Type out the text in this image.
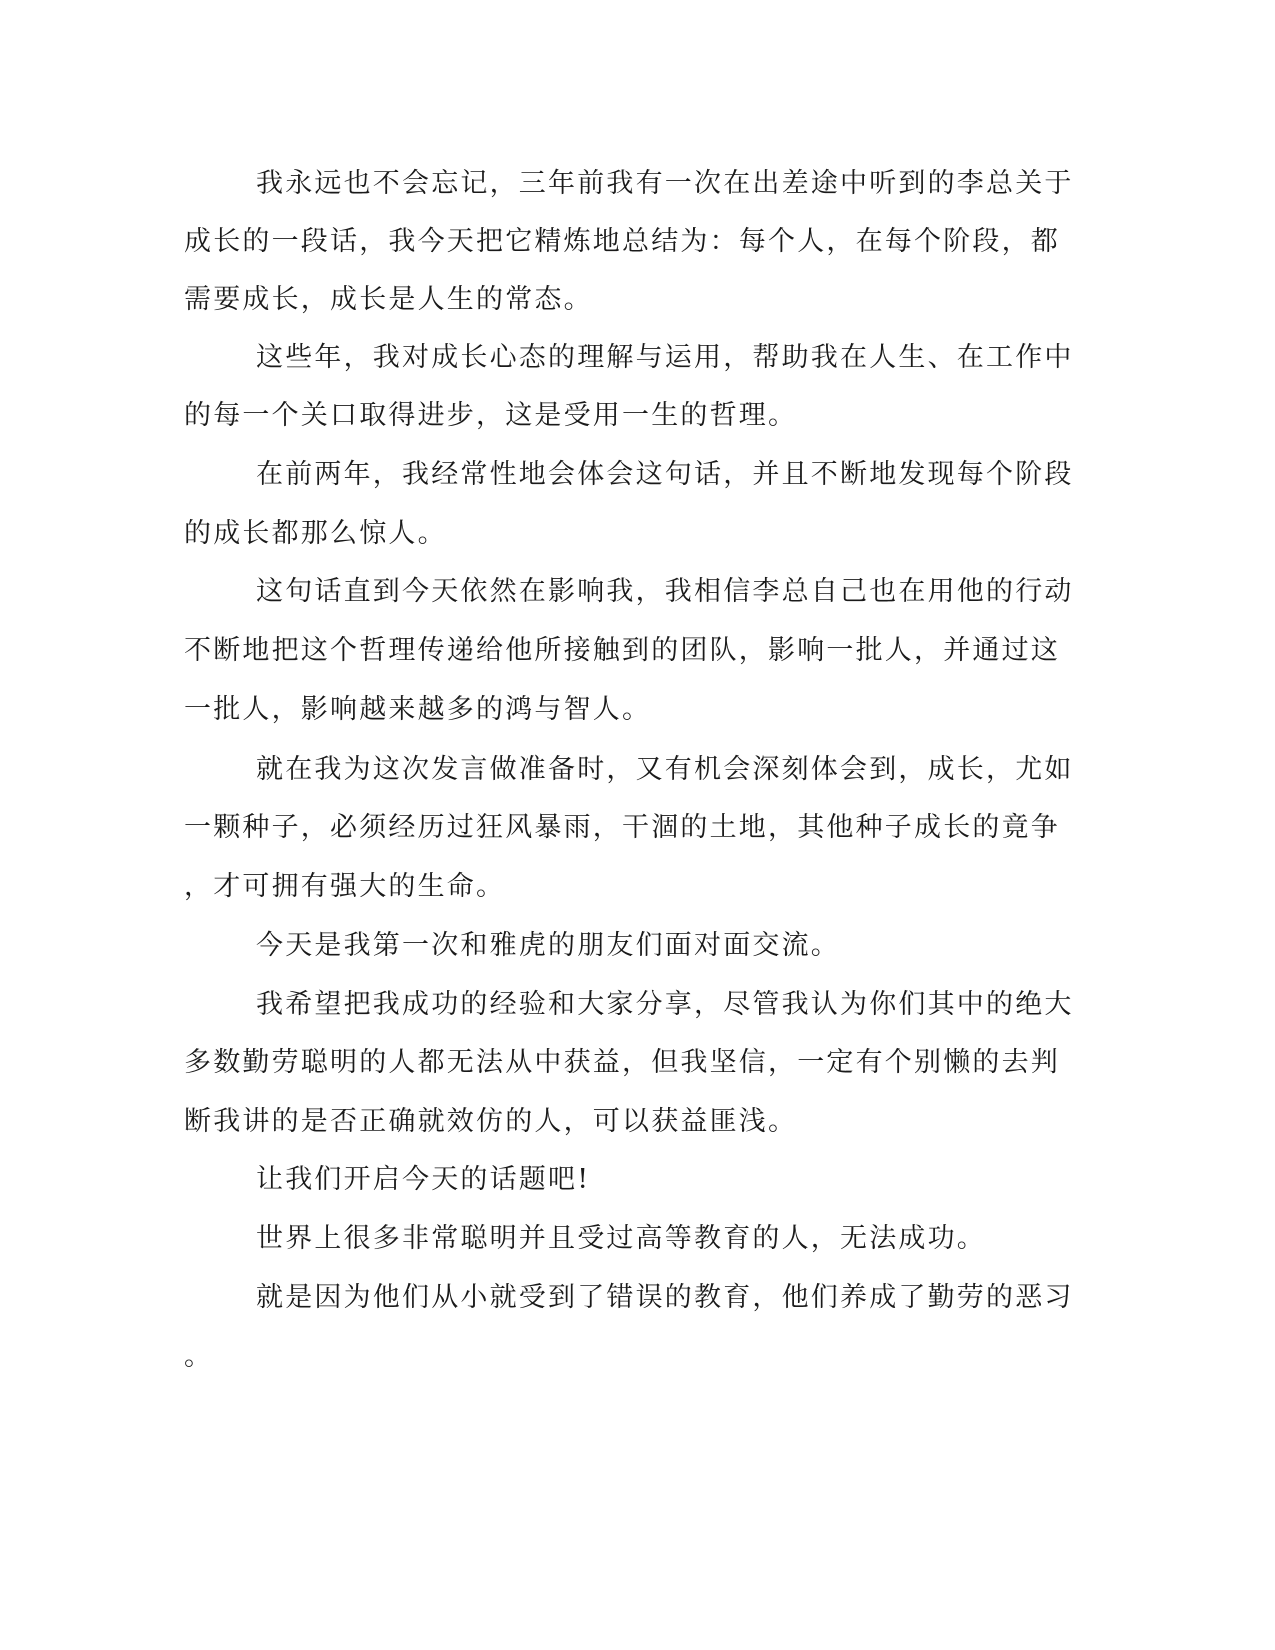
我永远也不会忘记，三年前我有一次在出差途中听到的李总关于

成长的一段话，我今天把它精炼地总结为：每个人，在每个阶段，都

需要成长，成长是人生的常态。

这些年，我对成长心态的理解与运用，帮助我在人生、在工作中

的每一个关口取得进步，这是受用一生的哲理。

在前两年，我经常性地会体会这句话，并且不断地发现每个阶段

的成长都那么惊人。

这句话直到今天依然在影响我，我相信李总自己也在用他的行动

不断地把这个哲理传递给他所接触到的团队，影响一批人，并通过这

一批人，影响越来越多的鸿与智人。

就在我为这次发言做准备时，又有机会深刻体会到，成长，尤如

一颗种子，必须经历过狂风暴雨，干涸的土地，其他种子成长的竟争

，才可拥有强大的生命。

今天是我第一次和雅虎的朋友们面对面交流。

我希望把我成功的经验和大家分享，尽管我认为你们其中的绝大

多数勤劳聪明的人都无法从中获益，但我坚信，一定有个别懒的去判

断我讲的是否正确就效仿的人，可以获益匪浅。

让我们开启今天的话题吧!

世界上很多非常聪明并且受过高等教育的人，无法成功。

就是因为他们从小就受到了错误的教育，他们养成了勤劳的恶习

。
